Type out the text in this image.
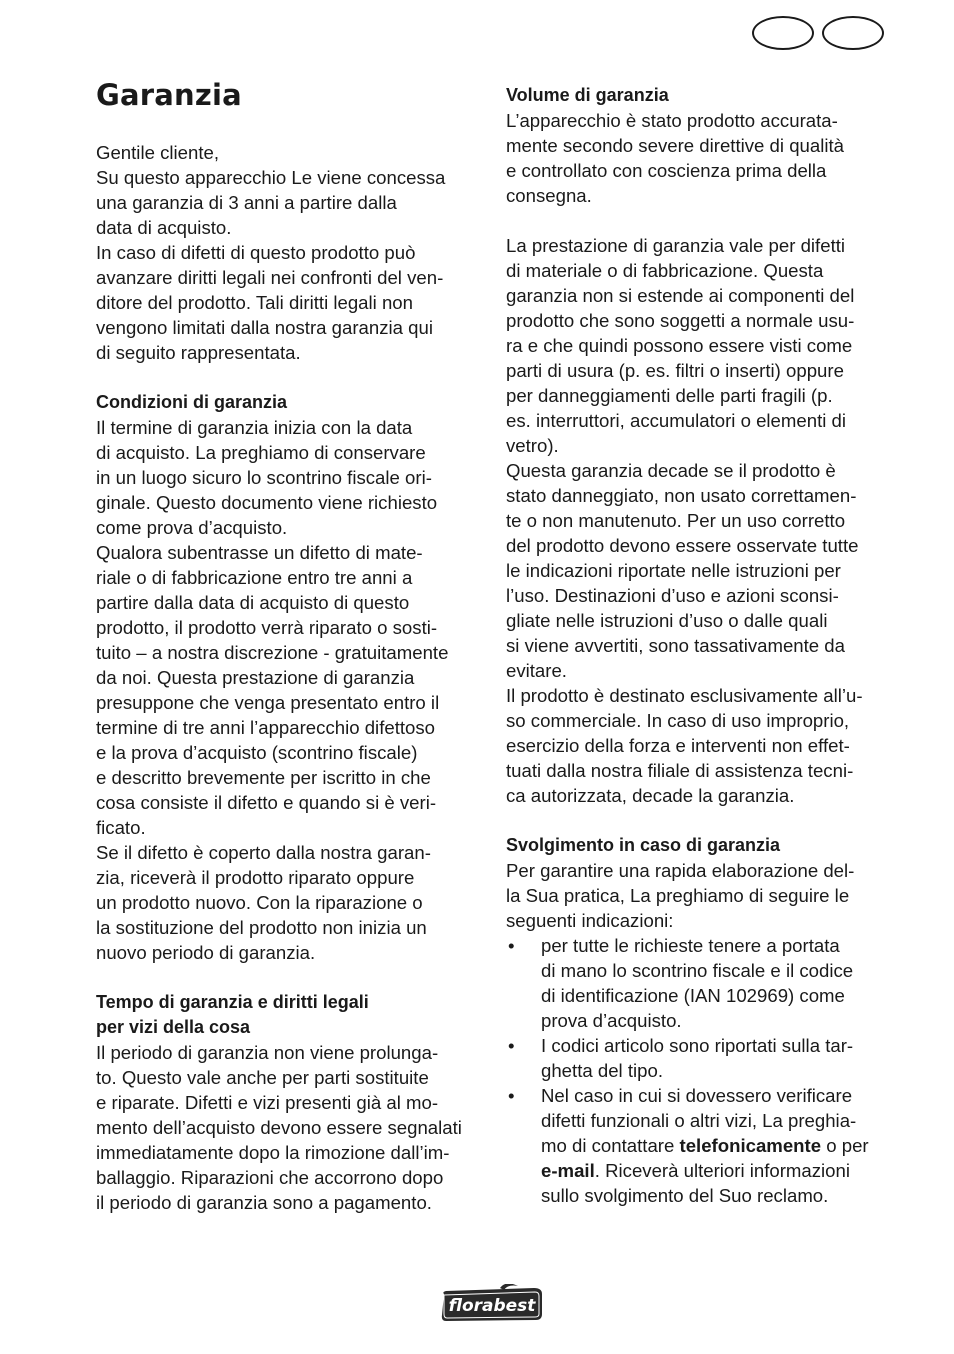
Garanzia

Gentile cliente,
Su questo apparecchio Le viene concessa
una garanzia di 3 anni a partire dalla
data di acquisto.
In caso di difetti di questo prodotto può
avanzare diritti legali nei confronti del ven-
ditore del prodotto. Tali diritti legali non
vengono limitati dalla nostra garanzia qui
di seguito rappresentata.

Condizioni di garanzia

Il termine di garanzia inizia con la data
di acquisto. La preghiamo di conservare
in un luogo sicuro lo scontrino fiscale ori-
ginale. Questo documento viene richiesto
come prova d’acquisto.
Qualora subentrasse un difetto di mate-
riale o di fabbricazione entro tre anni a
partire dalla data di acquisto di questo
prodotto, il prodotto verrà riparato o sosti-
tuito – a nostra discrezione - gratuitamente
da noi. Questa prestazione di garanzia
presuppone che venga presentato entro il
termine di tre anni l’apparecchio difettoso
e la prova d’acquisto (scontrino fiscale)
e descritto brevemente per iscritto in che
cosa consiste il difetto e quando si è veri-
ficato.
Se il difetto è coperto dalla nostra garan-
zia, riceverà il prodotto riparato oppure
un prodotto nuovo. Con la riparazione o
la sostituzione del prodotto non inizia un
nuovo periodo di garanzia.

Tempo di garanzia e diritti legali
per vizi della cosa

Il periodo di garanzia non viene prolunga-
to. Questo vale anche per parti sostituite
e riparate. Difetti e vizi presenti già al mo-
mento dell’acquisto devono essere segnalati
immediatamente dopo la rimozione dall’im-
ballaggio. Riparazioni che accorrono dopo
il periodo di garanzia sono a pagamento.

Volume di garanzia

L’apparecchio è stato prodotto accurata-
mente secondo severe direttive di qualità
e controllato con coscienza prima della
consegna.

La prestazione di garanzia vale per difetti
di materiale o di fabbricazione. Questa
garanzia non si estende ai componenti del
prodotto che sono soggetti a normale usu-
ra e che quindi possono essere visti come
parti di usura (p. es. filtri o inserti) oppure
per danneggiamenti delle parti fragili (p.
es. interruttori, accumulatori o elementi di
vetro).
Questa garanzia decade se il prodotto è
stato danneggiato, non usato correttamen-
te o non manutenuto. Per un uso corretto
del prodotto devono essere osservate tutte
le indicazioni riportate nelle istruzioni per
l’uso. Destinazioni d’uso e azioni sconsi-
gliate nelle istruzioni d’uso o dalle quali
si viene avvertiti, sono tassativamente da
evitare.
Il prodotto è destinato esclusivamente all’u-
so commerciale. In caso di uso improprio,
esercizio della forza e interventi non effet-
tuati dalla nostra filiale di assistenza tecni-
ca autorizzata, decade la garanzia.

Svolgimento in caso di garanzia

Per garantire una rapida elaborazione del-
la Sua pratica, La preghiamo di seguire le
seguenti indicazioni:

• per tutte le richieste tenere a portata
di mano lo scontrino fiscale e il codice
di identificazione (IAN 102969) come
prova d’acquisto.
• I codici articolo sono riportati sulla tar-
ghetta del tipo.
• Nel caso in cui si dovessero verificare
difetti funzionali o altri vizi, La preghia-
mo di contattare telefonicamente o per
e-mail. Riceverà ulteriori informazioni
sullo svolgimento del Suo reclamo.
florabest
